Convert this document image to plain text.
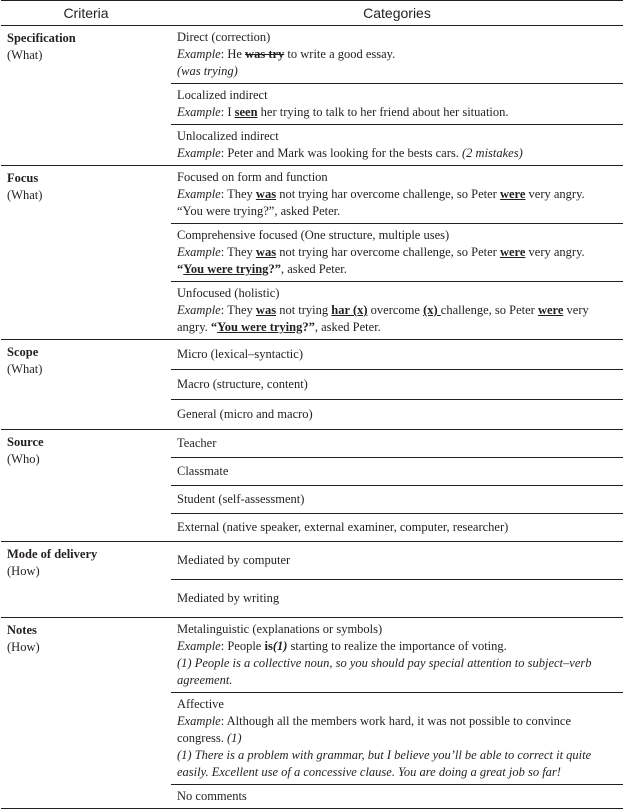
Criteria	Categories
Specification
(What)
Direct (correction)
Example: He was try to write a good essay.
(was trying)
Localized indirect
Example: I seen her trying to talk to her friend about her situation.
Unlocalized indirect
Example: Peter and Mark was looking for the bests cars. (2 mistakes)
Focus
(What)
Focused on form and function
Example: They was not trying har overcome challenge, so Peter were very angry.
“You were trying?”, asked Peter.
Comprehensive focused (One structure, multiple uses)
Example: They was not trying har overcome challenge, so Peter were very angry.
“You were trying?”, asked Peter.
Unfocused (holistic)
Example: They was not trying har (x) overcome (x) challenge, so Peter were very angry. “You were trying?”, asked Peter.
Scope
(What)
Micro (lexical–syntactic)
Macro (structure, content)
General (micro and macro)
Source
(Who)
Teacher
Classmate
Student (self-assessment)
External (native speaker, external examiner, computer, researcher)
Mode of delivery
(How)
Mediated by computer
Mediated by writing
Notes
(How)
Metalinguistic (explanations or symbols)
Example: People is(1) starting to realize the importance of voting.
(1) People is a collective noun, so you should pay special attention to subject–verb agreement.
Affective
Example: Although all the members work hard, it was not possible to convince congress. (1)
(1) There is a problem with grammar, but I believe you’ll be able to correct it quite easily. Excellent use of a concessive clause. You are doing a great job so far!
No comments
